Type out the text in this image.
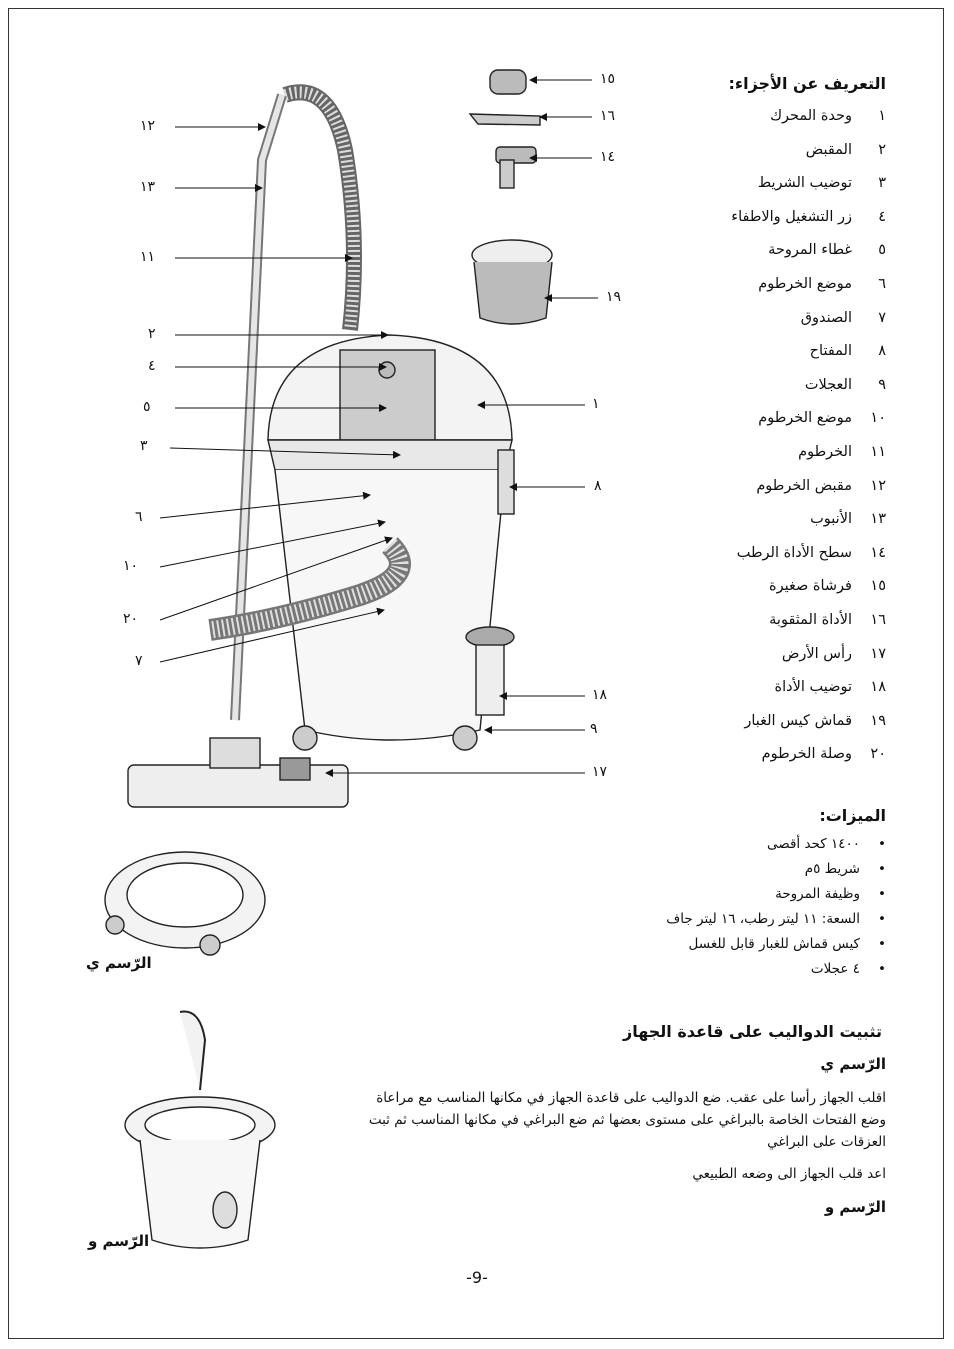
١٢
١٣
١١
٢
٤
٥
٣
٦
١٠
٢٠
٧
١
٨
١٨
٩
١٧
١٥
١٦
١٤
١٩
التعريف عن الأجزاء:
١
وحدة المحرك
٢
المقبض
٣
توضيب الشريط
٤
زر التشغيل والاطفاء
٥
غطاء المروحة
٦
موضع الخرطوم
٧
الصندوق
٨
المفتاح
٩
العجلات
١٠
موضع الخرطوم
١١
الخرطوم
١٢
مقبض الخرطوم
١٣
الأنبوب
١٤
سطح الأداة الرطب
١٥
فرشاة صغيرة
١٦
الأداة المثقوبة
١٧
رأس الأرض
١٨
توضيب الأداة
١٩
قماش كيس الغبار
٢٠
وصلة الخرطوم
الميزات:
•
١٤٠٠ كحد أقصى
•
شريط ٥م
•
وظيفة المروحة
•
السعة: ١١ ليتر رطب، ١٦ ليتر جاف
•
كيس قماش للغبار قابل للغسل
•
٤ عجلات
تثبيت الدواليب على قاعدة الجهاز
الرّسم ي
اقلب الجهاز رأسا على عقب. ضع الدواليب على قاعدة الجهاز في مكانها المناسب مع مراعاة وضع الفتحات الخاصة بالبراغي على مستوى بعضها ثم ضع البراغي في مكانها المناسب ثم ثبت العزقات على البراغي
اعد قلب الجهاز الى وضعه الطبيعي
الرّسم و
الرّسم ي
الرّسم و
-9-
